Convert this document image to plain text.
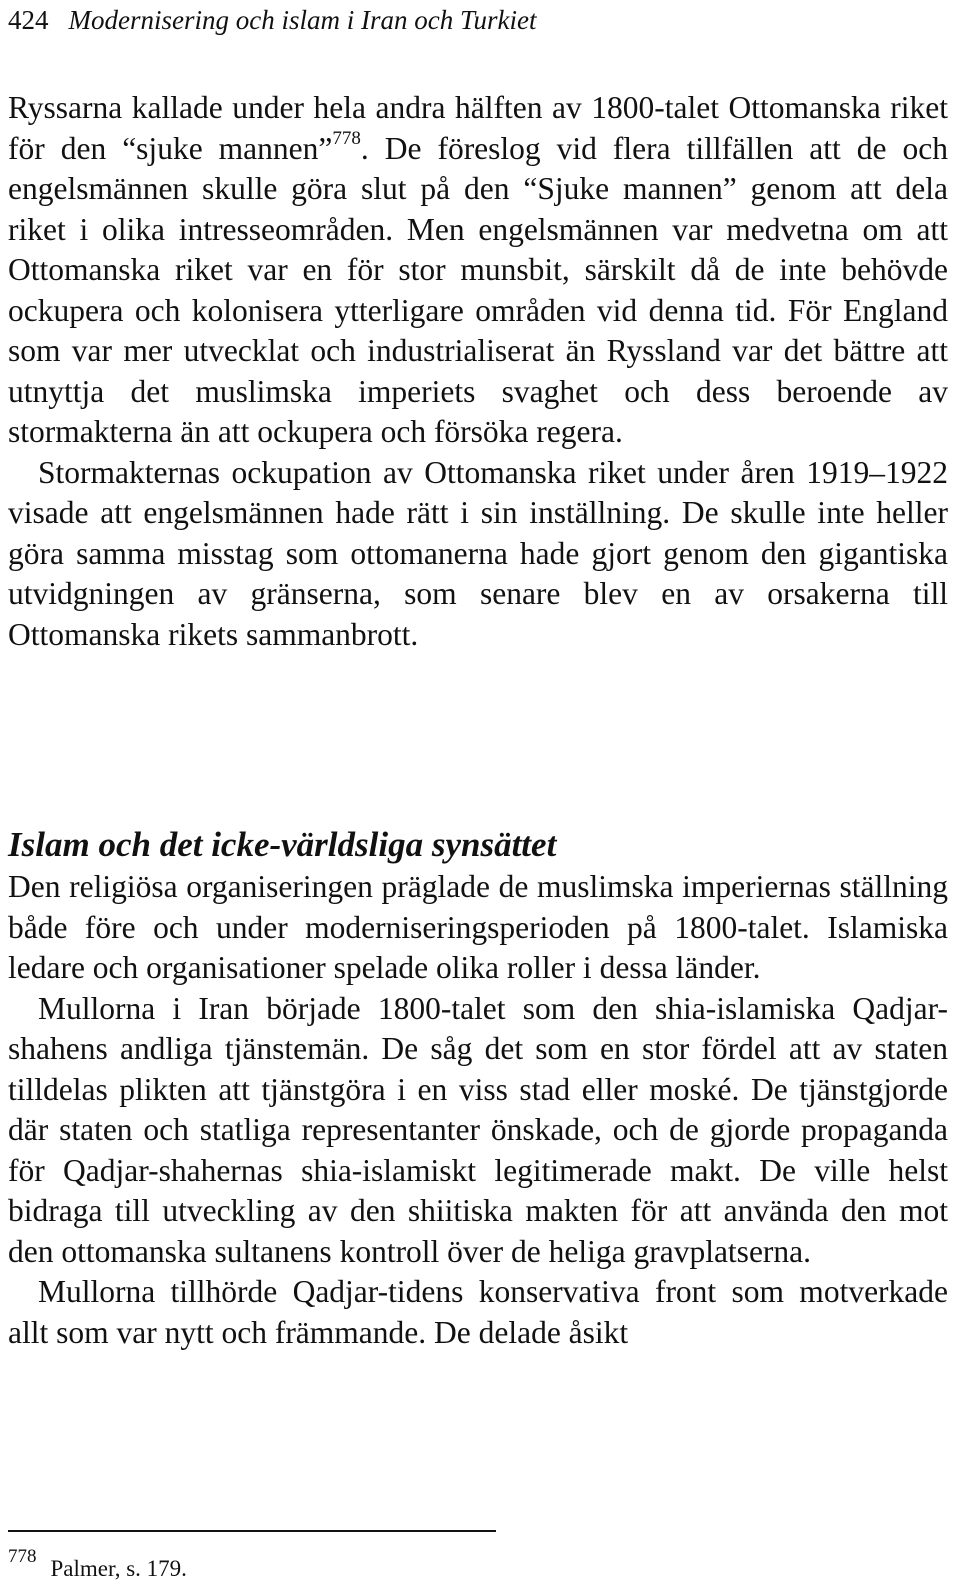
424 Modernisering och islam i Iran och Turkiet

Ryssarna kallade under hela andra hälften av 1800-talet Ottomanska riket för den “sjuke mannen”$^{778}$. De föreslog vid flera tillfällen att de och engelsmännen skulle göra slut på den “Sjuke mannen” genom att dela riket i olika intresseområden. Men engelsmännen var medvetna om att Ottomanska riket var en för stor munsbit, särskilt då de inte behövde ockupera och kolonisera ytterligare områden vid denna tid. För England som var mer utvecklat och industrialiserat än Ryssland var det bättre att utnyttja det muslimska imperiets svaghet och dess beroende av stormakterna än att ockupera och försöka regera.

Stormakternas ockupation av Ottomanska riket under åren 1919–1922 visade att engelsmännen hade rätt i sin inställning. De skulle inte heller göra samma misstag som ottomanerna hade gjort genom den gigantiska utvidgningen av gränserna, som senare blev en av orsakerna till Ottomanska rikets sammanbrott.

Islam och det icke-världsliga synsättet

Den religiösa organiseringen präglade de muslimska imperiernas ställning både före och under moderniseringsperioden på 1800-talet. Islamiska ledare och organisationer spelade olika roller i dessa länder.

Mullorna i Iran började 1800-talet som den shia-islamiska Qadjar-shahens andliga tjänstemän. De såg det som en stor fördel att av staten tilldelas plikten att tjänstgöra i en viss stad eller moské. De tjänstgjorde där staten och statliga representanter önskade, och de gjorde propaganda för Qadjar-shahernas shia-islamiskt legitimerade makt. De ville helst bidraga till utveckling av den shiitiska makten för att använda den mot den ottomanska sultanens kontroll över de heliga gravplatserna.

Mullorna tillhörde Qadjar-tidens konservativa front som motverkade allt som var nytt och främmande. De delade åsikt

$^{778}$ Palmer, s. 179.
